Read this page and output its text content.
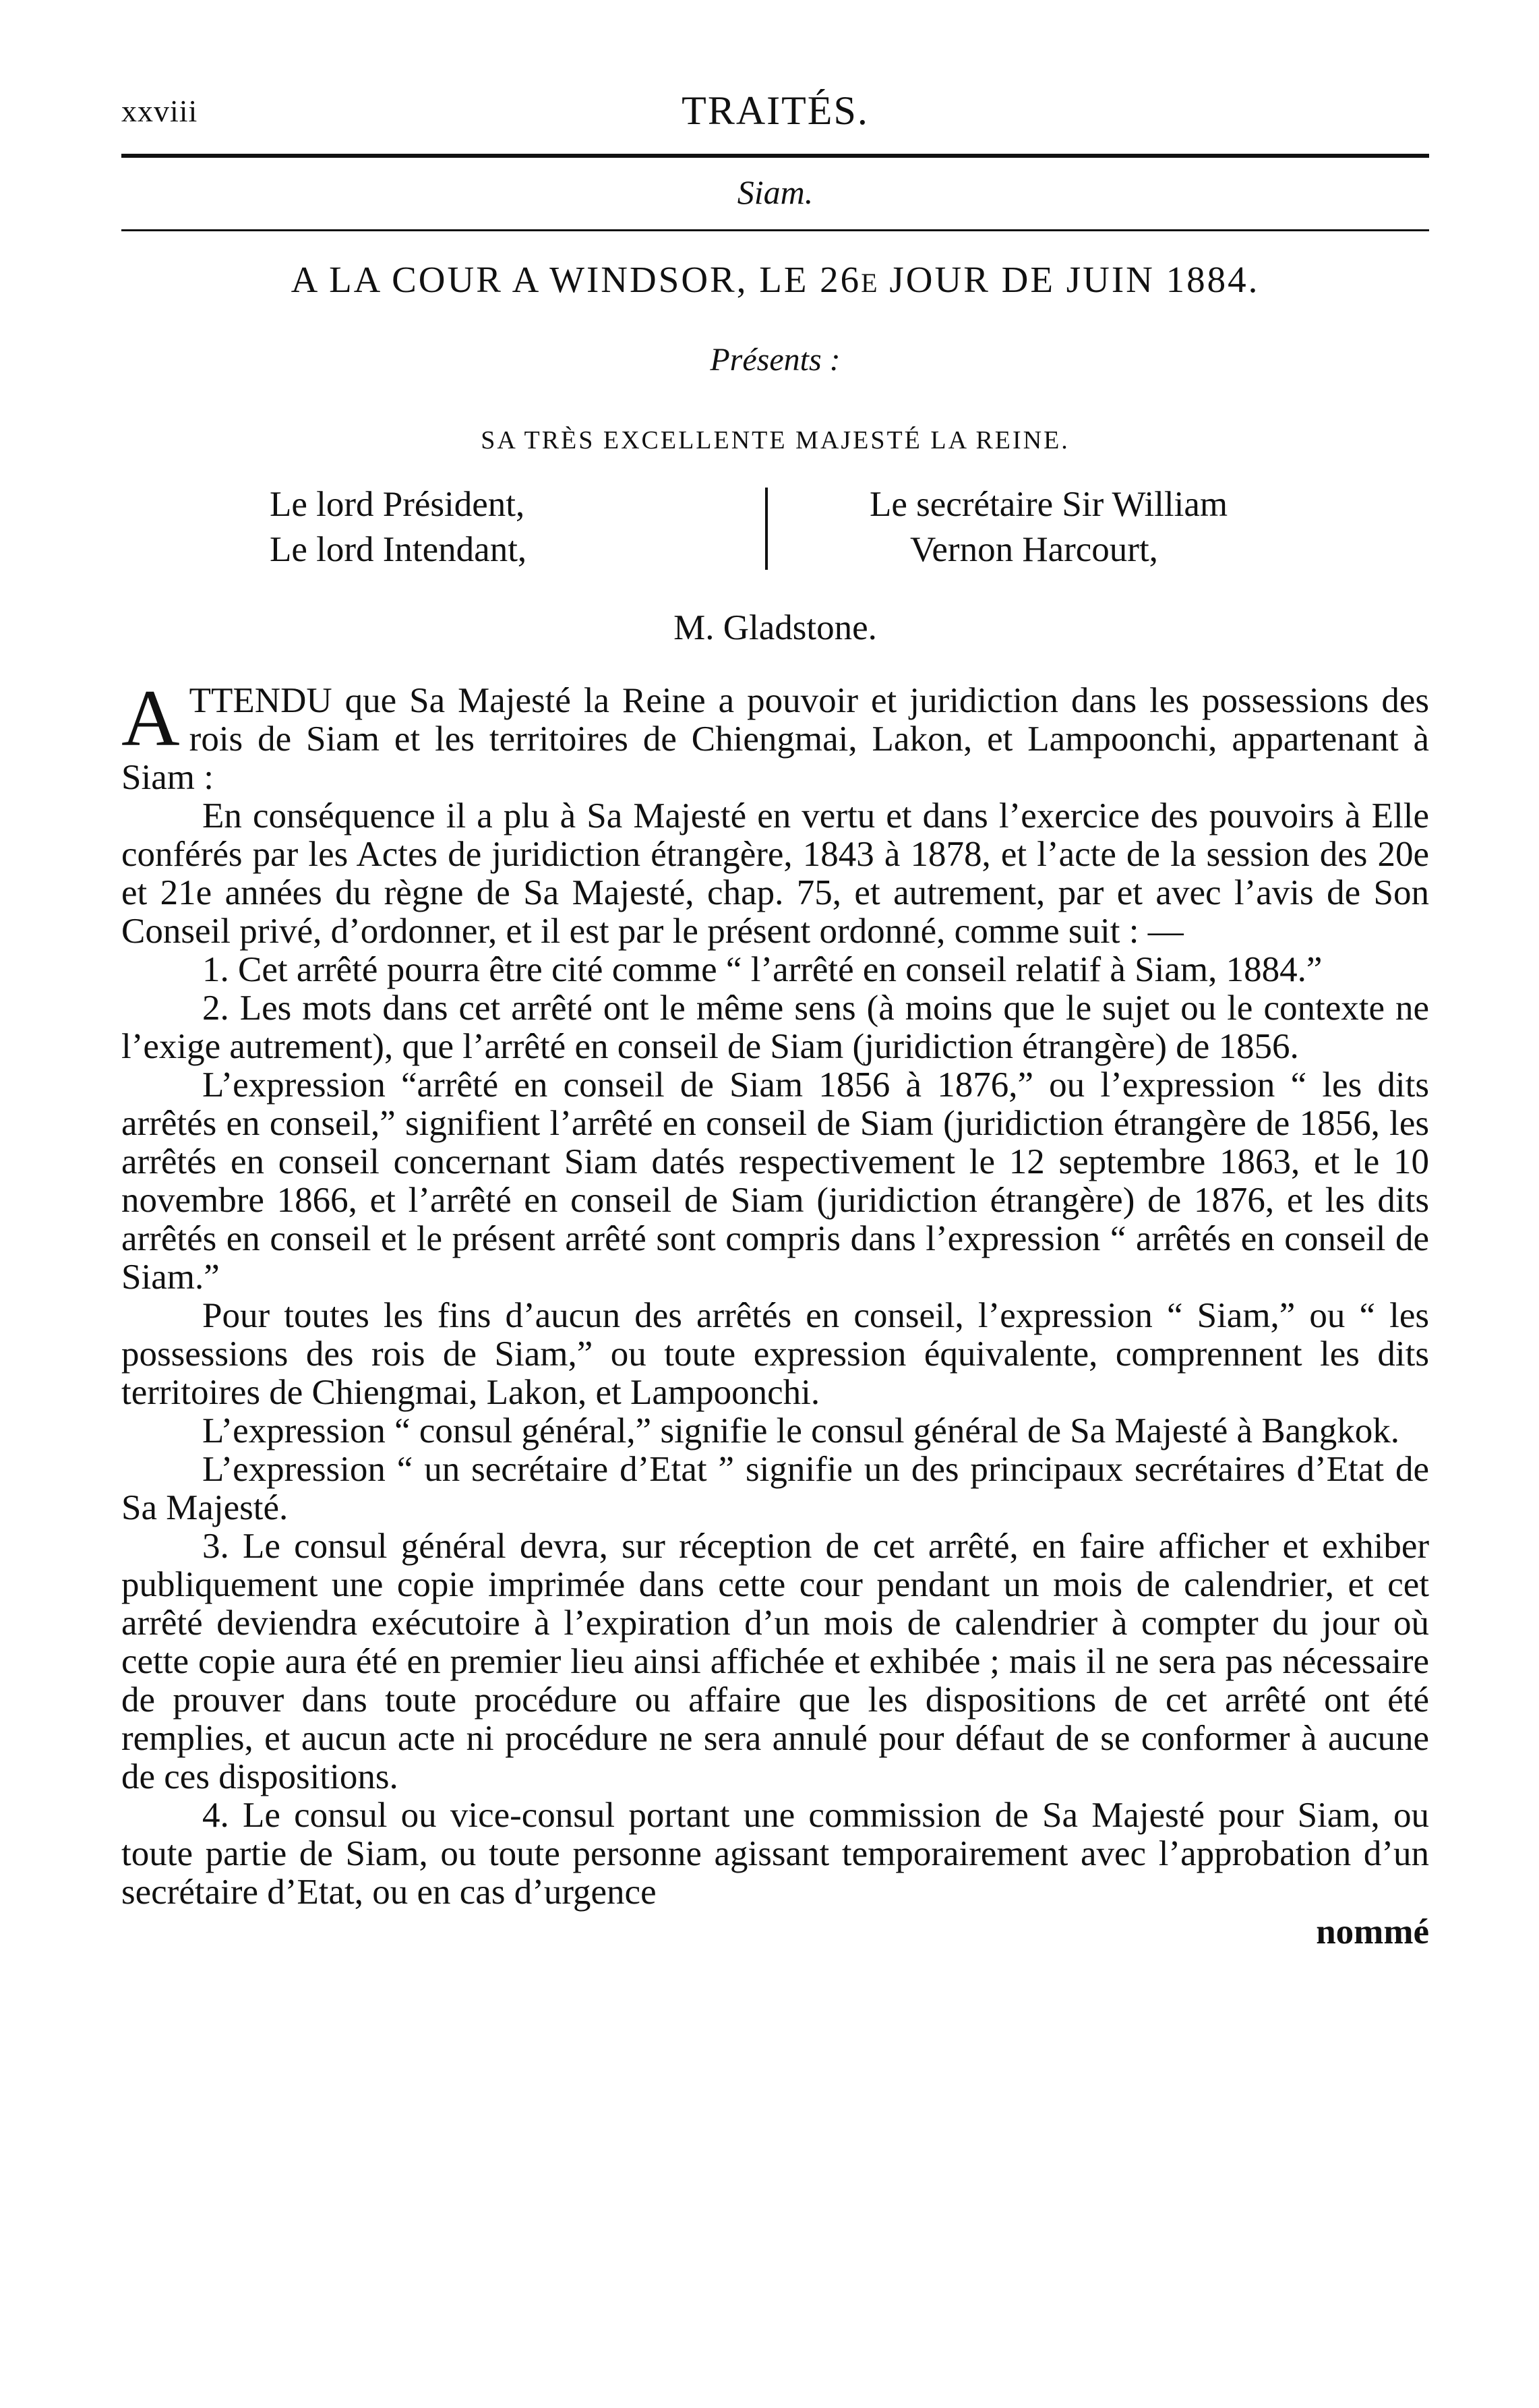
xxviii	TRAITÉS.
Siam.
A LA COUR A WINDSOR, LE 26E JOUR DE JUIN 1884.
Présents :
SA TRÈS EXCELLENTE MAJESTÉ LA REINE.
Le lord Président,
Le lord Intendant,
Le secrétaire Sir William
Vernon Harcourt,
M. Gladstone.

ATTENDU que Sa Majesté la Reine a pouvoir et juridiction dans les possessions des rois de Siam et les territoires de Chiengmai, Lakon, et Lampoonchi, appartenant à Siam :

En conséquence il a plu à Sa Majesté en vertu et dans l’exercice des pouvoirs à Elle conférés par les Actes de juridiction étrangère, 1843 à 1878, et l’acte de la session des 20e et 21e années du règne de Sa Majesté, chap. 75, et autrement, par et avec l’avis de Son Conseil privé, d’ordonner, et il est par le présent ordonné, comme suit : —

1. Cet arrêté pourra être cité comme “ l’arrêté en conseil relatif à Siam, 1884.”

2. Les mots dans cet arrêté ont le même sens (à moins que le sujet ou le contexte ne l’exige autrement), que l’arrêté en conseil de Siam (juridiction étrangère) de 1856.

L’expression “arrêté en conseil de Siam 1856 à 1876,” ou l’expression “ les dits arrêtés en conseil,” signifient l’arrêté en conseil de Siam (juridiction étrangère de 1856, les arrêtés en conseil concernant Siam datés respectivement le 12 septembre 1863, et le 10 novembre 1866, et l’arrêté en conseil de Siam (juridiction étrangère) de 1876, et les dits arrêtés en conseil et le présent arrêté sont compris dans l’expression “ arrêtés en conseil de Siam.”

Pour toutes les fins d’aucun des arrêtés en conseil, l’expression “ Siam,” ou “ les possessions des rois de Siam,” ou toute expression équivalente, comprennent les dits territoires de Chiengmai, Lakon, et Lampoonchi.

L’expression “ consul général,” signifie le consul général de Sa Majesté à Bangkok.

L’expression “ un secrétaire d’Etat ” signifie un des principaux secrétaires d’Etat de Sa Majesté.

3. Le consul général devra, sur réception de cet arrêté, en faire afficher et exhiber publiquement une copie imprimée dans cette cour pendant un mois de calendrier, et cet arrêté deviendra exécutoire à l’expiration d’un mois de calendrier à compter du jour où cette copie aura été en premier lieu ainsi affichée et exhibée ; mais il ne sera pas nécessaire de prouver dans toute procédure ou affaire que les dispositions de cet arrêté ont été remplies, et aucun acte ni procédure ne sera annulé pour défaut de se conformer à aucune de ces dispositions.

4. Le consul ou vice-consul portant une commission de Sa Majesté pour Siam, ou toute partie de Siam, ou toute personne agissant temporairement avec l’approbation d’un secrétaire d’Etat, ou en cas d’urgence

nommé
